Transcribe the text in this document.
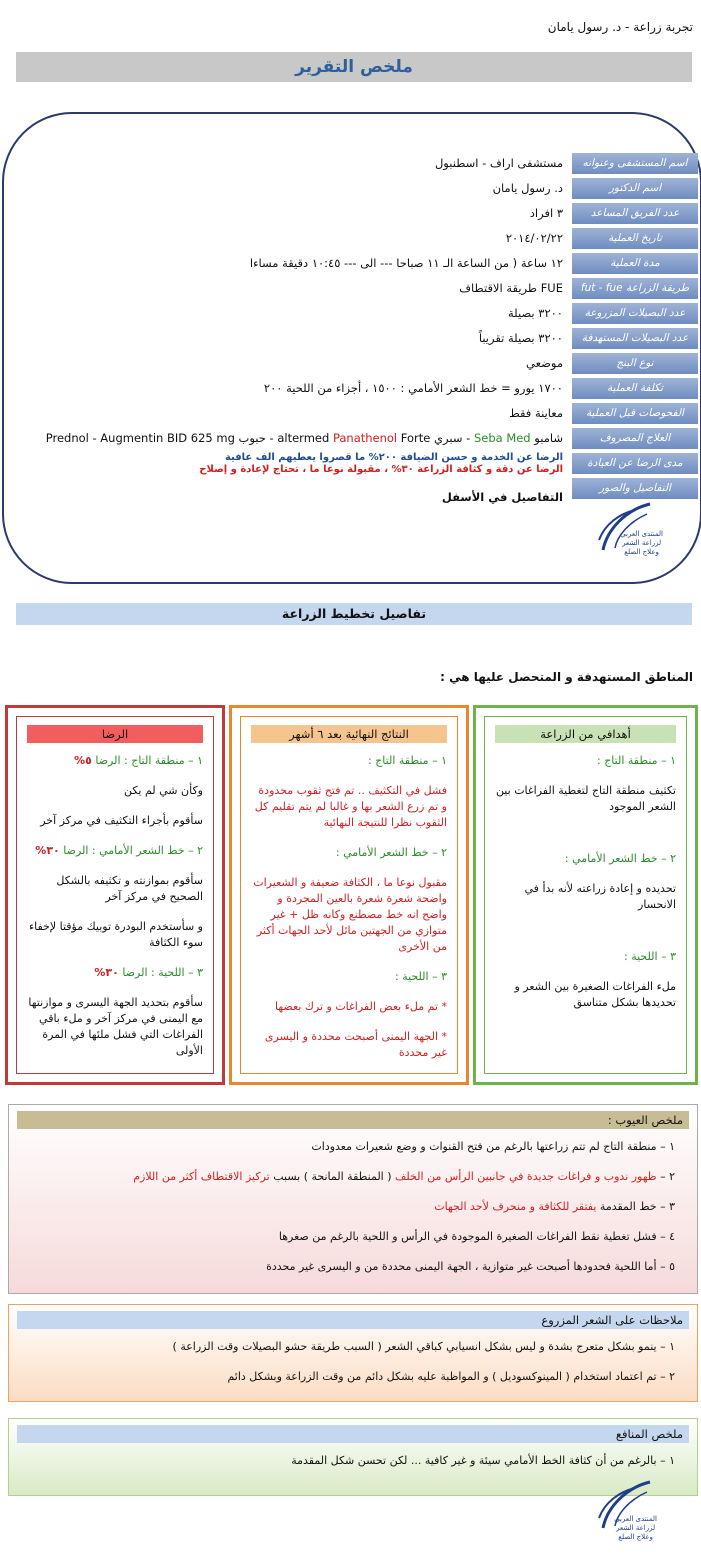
تجربة زراعة - د. رسول يامان
ملخص التقرير
اسم المستشفى وعنوانه
اسم الدكتور
عدد الفريق المساعد
تاريخ العملية
مدة العملية
طريقة الزراعة fut - fue
عدد البصيلات المزروعة
عدد البصيلات المستهدفة
نوع البنج
تكلفة العملية
الفحوصات قبل العملية
العلاج المصروف
مدى الرضا عن العيادة
التفاصيل والصور
مستشفى اراف - اسطنبول
د. رسول يامان
٣ افراد
٢٠١٤/٠٢/٢٢
١٢ ساعة ( من الساعة الـ ١١ صباحا --- الى --- ١٠:٤٥ دقيقة مساءا
FUE طريقة الاقتطاف
٣٢٠٠ بصيلة
٣٢٠٠ بصيلة تقريباً
موضعي
١٧٠٠ يورو = خط الشعر الأمامي : ١٥٠٠ ، أجزاء من اللحية ٢٠٠
معاينة فقط
شامبو Seba Med - سبري altermed Panathenol Forte - حبوب Prednol - Augmentin BID 625 mg
الرضا عن الخدمة و حسن الضيافة ٢٠٠% ما قصروا يعطيهم الف عافية
الرضا عن دقة و كثافة الزراعة ٣٠% ، مقبولة نوعا ما ، تحتاج لإعادة و إصلاح
التفاصيل في الأسفل
المنتدى العربي
لزراعة الشعر
وعلاج الصلع
تفاصيل تخطيط الزراعة
المناطق المستهدفة و المتحصل عليها هي :
أهدافي من الزراعة

١ – منطقة التاج :

تكثيف منطقة التاج لتغطية الفراغات بين الشعر الموجود

٢ – خط الشعر الأمامي :

تحديده و إعادة زراعته لأنه بدأ في الانحسار

٣ – اللحية :

ملء الفراغات الصغيرة بين الشعر و تحديدها بشكل متناسق

النتائج النهائية بعد ٦ أشهر

١ – منطقة التاج :

فشل في التكثيف .. تم فتح ثقوب محدودة و تم زرع الشعر بها و غالبا لم يتم تقليم كل الثقوب نظرا للنتيجة النهائية

٢ – خط الشعر الأمامي :

مقبول نوعا ما ، الكثافة ضعيفة و الشعيرات واضحة شعرة شعرة بالعين المجردة و واضح انه خط مصطنع وكانه ظل + غير متوازي من الجهتين مائل لأحد الجهات أكثر من الأخرى

٣ – اللحية :

* تم ملء بعض الفراغات و ترك بعضها

* الجهة اليمنى أصبحت محددة و اليسرى غير محددة

الرضا

١ – منطقة التاج : الرضا ٥%

وكأن شي لم يكن

سأقوم بأجراء التكثيف في مركز آخر

٢ – خط الشعر الأمامي : الرضا ٣٠%

سأقوم بموازنته و تكثيفه بالشكل الصحيح في مركز آخر

و سأستخدم البودرة توبيك مؤقتا لإخفاء سوء الكثافة

٣ – اللحية : الرضا ٣٠%

سأقوم بتحديد الجهة اليسرى و موازنتها مع اليمنى في مركز آخر و ملء باقي الفراغات التي فشل ملئها في المرة الأولى

ملخص العيوب :

١ – منطقة التاج لم تتم زراعتها بالرغم من فتح القنوات و وضع شعيرات معدودات

٢ – ظهور ندوب و فراغات جديدة في جانبين الرأس من الخلف ( المنطقة المانحة ) بسبب تركيز الاقتطاف أكثر من اللازم

٣ – خط المقدمة يفتقر للكثافة و منحرف لأحد الجهات

٤ – فشل تغطية نقط الفراغات الصغيرة الموجودة في الرأس و اللحية بالرغم من صغرها

٥ – أما اللحية فحدودها أصبحت غير متوازية ، الجهة اليمنى محددة من و اليسرى غير محددة

ملاحظات على الشعر المزروع

١ – ينمو بشكل متعرج بشدة و ليس بشكل انسيابي كباقي الشعر ( السبب طريقة حشو البصيلات وقت الزراعة )

٢ – تم اعتماد استخدام ( المينوكسوديل ) و المواظبة عليه بشكل دائم من وقت الزراعة وبشكل دائم

ملخص المنافع

١ – بالرغم من أن كثافة الخط الأمامي سيئة و غير كافية ... لكن تحسن شكل المقدمة

المنتدى العربي
لزراعة الشعر
وعلاج الصلع
